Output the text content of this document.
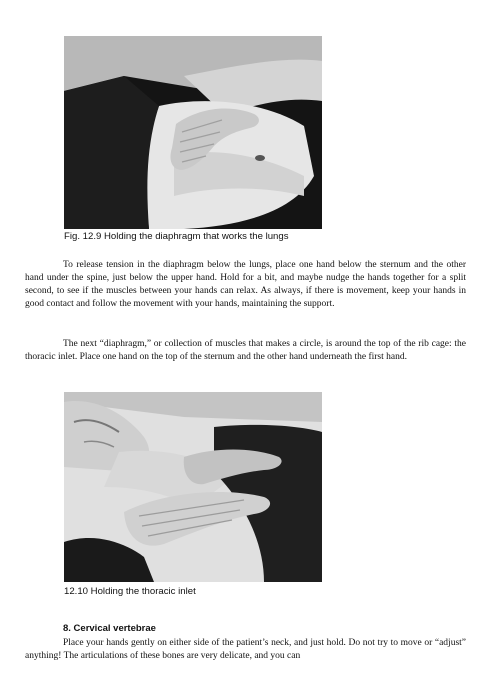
Fig. 12.9 Holding the diaphragm that works the lungs

To release tension in the diaphragm below the lungs, place one hand below the sternum and the other hand under the spine, just below the upper hand. Hold for a bit, and maybe nudge the hands together for a split second, to see if the muscles between your hands can relax. As always, if there is movement, keep your hands in good contact and follow the movement with your hands, maintaining the support.

The next “diaphragm,” or collection of muscles that makes a circle, is around the top of the rib cage: the thoracic inlet. Place one hand on the top of the sternum and the other hand underneath the first hand.

12.10 Holding the thoracic inlet
8. Cervical vertebrae

Place your hands gently on either side of the patient’s neck, and just hold. Do not try to move or “adjust” anything! The articulations of these bones are very delicate, and you can
